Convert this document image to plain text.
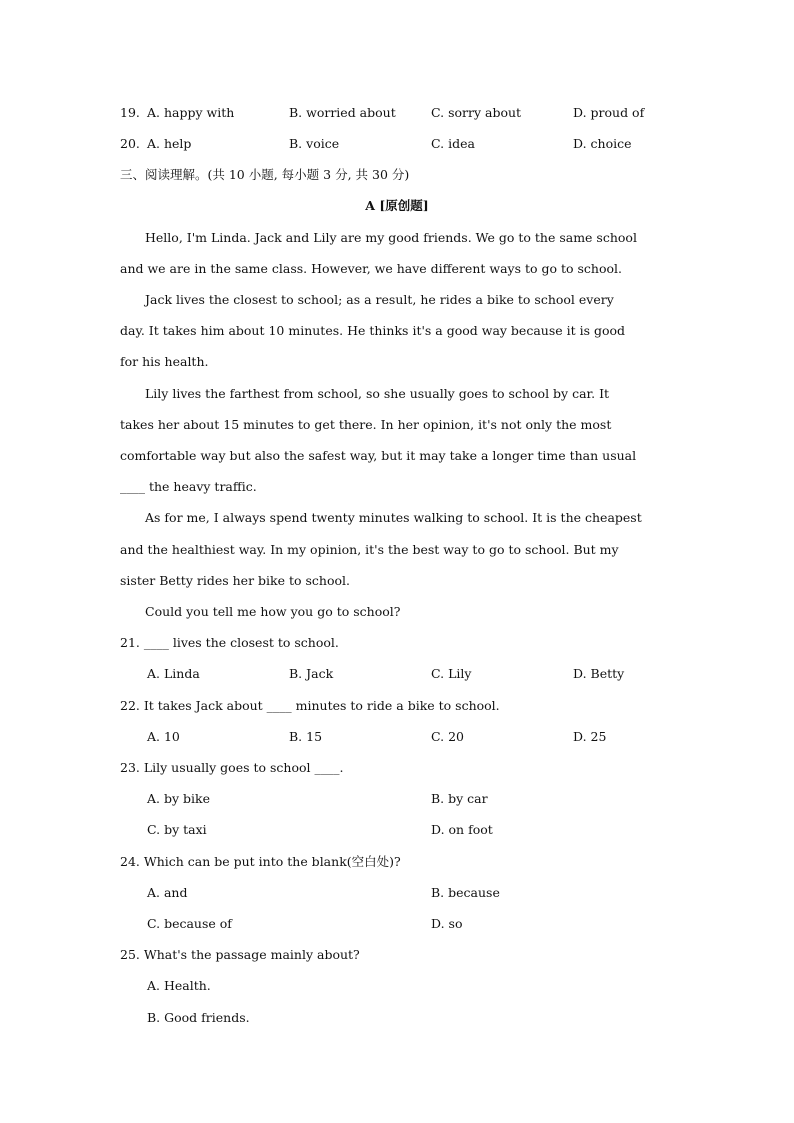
19. A. happy with	B. worried about	C. sorry about	D. proud of
20. A. help	B. voice	C. idea	D. choice
三、阅读理解。(共 10 小题, 每小题 3 分, 共 30 分)
A [原创题]
Hello, I'm Linda. Jack and Lily are my good friends. We go to the same school
and we are in the same class. However, we have different ways to go to school.
Jack lives the closest to school; as a result, he rides a bike to school every
day. It takes him about 10 minutes. He thinks it's a good way because it is good
for his health.
Lily lives the farthest from school, so she usually goes to school by car. It
takes her about 15 minutes to get there. In her opinion, it's not only the most
comfortable way but also the safest way, but it may take a longer time than usual
____ the heavy traffic.
As for me, I always spend twenty minutes walking to school. It is the cheapest
and the healthiest way. In my opinion, it's the best way to go to school. But my
sister Betty rides her bike to school.
Could you tell me how you go to school?
21. ____ lives the closest to school.
A. Linda	B. Jack	C. Lily	D. Betty
22. It takes Jack about ____ minutes to ride a bike to school.
A. 10	B. 15	C. 20	D. 25
23. Lily usually goes to school ____.
A. by bike	B. by car
C. by taxi	D. on foot
24. Which can be put into the blank(空白处)?
A. and	B. because
C. because of	D. so
25. What's the passage mainly about?
A. Health.
B. Good friends.
